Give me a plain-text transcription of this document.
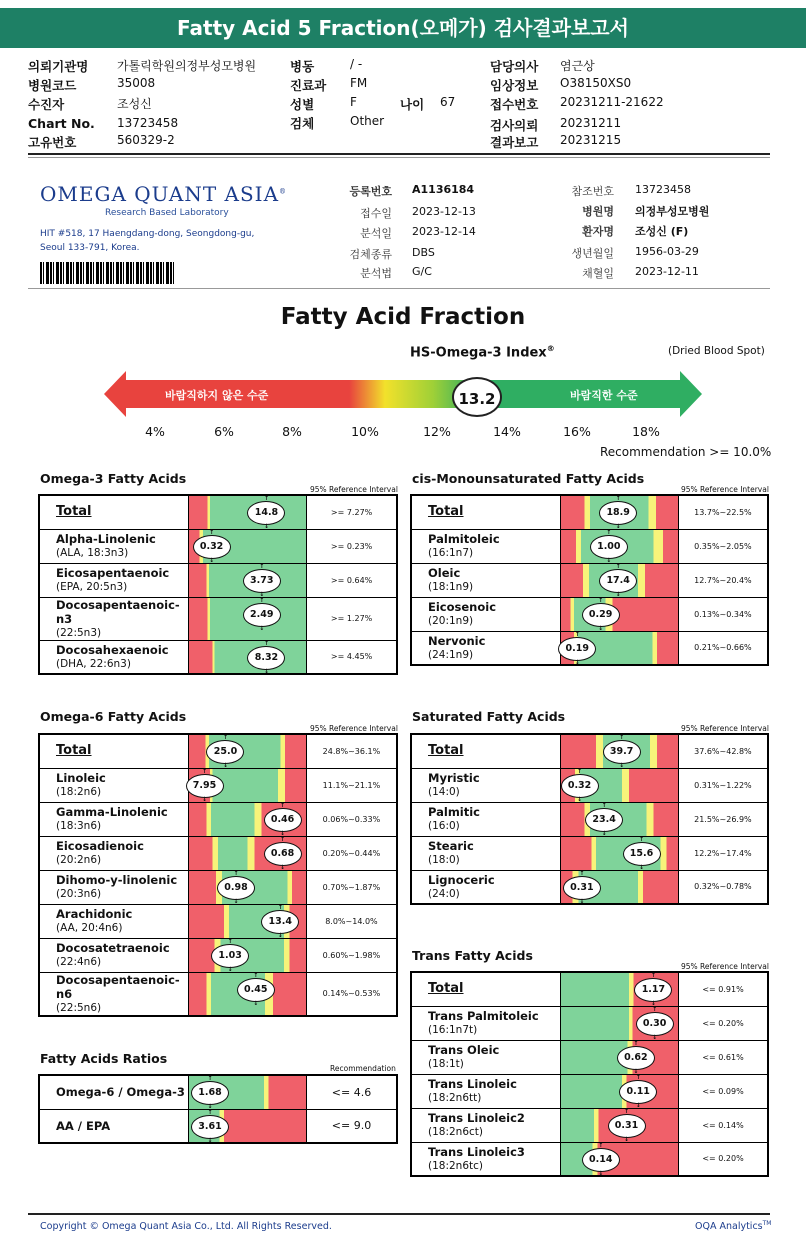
Fatty Acid 5 Fraction(오메가) 검사결과보고서
의뢰기관명 가톨릭학원의정부성모병원
병원코드	35008
수진자	조성신
Chart No. 13723458
고유번호	560329-2
병동	/ -
진료과 FM
성별	F	나이 67
검체	Other
담당의사 염근상
임상정보 O38150XS0
접수번호 20231211-21622
검사의뢰 20231211
결과보고 20231215
OMEGA QUANT ASIA®
Research Based Laboratory
HIT #518, 17 Haengdang-dong, Seongdong-gu,
Seoul 133-791, Korea.
등록번호 A1136184
접수일 2023-12-13
분석일 2023-12-14
검체종류 DBS
분석법 G/C
참조번호 13723458
병원명 의정부성모병원
환자명 조성신 (F)
생년월일 1956-03-29
채혈일 2023-12-11
Fatty Acid Fraction
HS-Omega-3 Index®	(Dried Blood Spot)
바람직하지 않은 수준	바람직한 수준
13.2
4%	6%	8%	10%	12%	14%	16%	18%
Recommendation >= 10.0%
Omega-3 Fatty Acids
95% Reference Interval
cis-Monounsaturated Fatty Acids
95% Reference Interval
Total	↑ 14.8 ↓	>= 7.27%
Alpha-Linolenic
(ALA, 18:3n3)	↑ 0.32 ↓	>= 0.23%
Eicosapentaenoic
(EPA, 20:5n3)	↑ 3.73 ↓	>= 0.64%
Docosapentaenoic-n3
(22:5n3)	↑ 2.49 ↓	>= 1.27%
Docosahexaenoic
(DHA, 22:6n3)	↑ 8.32 ↓	>= 4.45%
Total	↑ 18.9 ↓	13.7%~22.5%
Palmitoleic
(16:1n7)	↑ 1.00 ↓	0.35%~2.05%
Oleic
(18:1n9)	↑ 17.4 ↓	12.7%~20.4%
Eicosenoic
(20:1n9)	↑ 0.29 ↓	0.13%~0.34%
Nervonic
(24:1n9)	↑ 0.19 ↓	0.21%~0.66%
Omega-6 Fatty Acids
95% Reference Interval
Saturated Fatty Acids
95% Reference Interval
Total	↑ 25.0 ↓	24.8%~36.1%
Linoleic
(18:2n6)	↑ 7.95 ↓	11.1%~21.1%
Gamma-Linolenic
(18:3n6)	↑ 0.46 ↓	0.06%~0.33%
Eicosadienoic
(20:2n6)	↑ 0.68 ↓	0.20%~0.44%
Dihomo-y-linolenic
(20:3n6)	↑ 0.98 ↓	0.70%~1.87%
Arachidonic
(AA, 20:4n6)	↑ 13.4 ↓	8.0%~14.0%
Docosatetraenoic
(22:4n6)	↑ 1.03 ↓	0.60%~1.98%
Docosapentaenoic-n6
(22:5n6)	↑ 0.45 ↓	0.14%~0.53%
Total	↑ 39.7 ↓	37.6%~42.8%
Myristic
(14:0)	↑ 0.32 ↓	0.31%~1.22%
Palmitic
(16:0)	↑ 23.4 ↓	21.5%~26.9%
Stearic
(18:0)	↑ 15.6 ↓	12.2%~17.4%
Lignoceric
(24:0)	↑ 0.31 ↓	0.32%~0.78%
Trans Fatty Acids
95% Reference Interval
Total	↑ 1.17 ↓	<= 0.91%
Trans Palmitoleic
(16:1n7t)	↑ 0.30 ↓	<= 0.20%
Trans Oleic
(18:1t)	↑ 0.62 ↓	<= 0.61%
Trans Linoleic
(18:2n6tt)	↑ 0.11 ↓	<= 0.09%
Trans Linoleic2
(18:2n6ct)	↑ 0.31 ↓	<= 0.14%
Trans Linoleic3
(18:2n6tc)	↑ 0.14 ↓	<= 0.20%
Fatty Acids Ratios
Recommendation
Omega-6 / Omega-3	↑ 1.68 ↓	<= 4.6
AA / EPA	↑ 3.61 ↓	<= 9.0
Copyright © Omega Quant Asia Co., Ltd. All Rights Reserved.	OQA Analytics™
